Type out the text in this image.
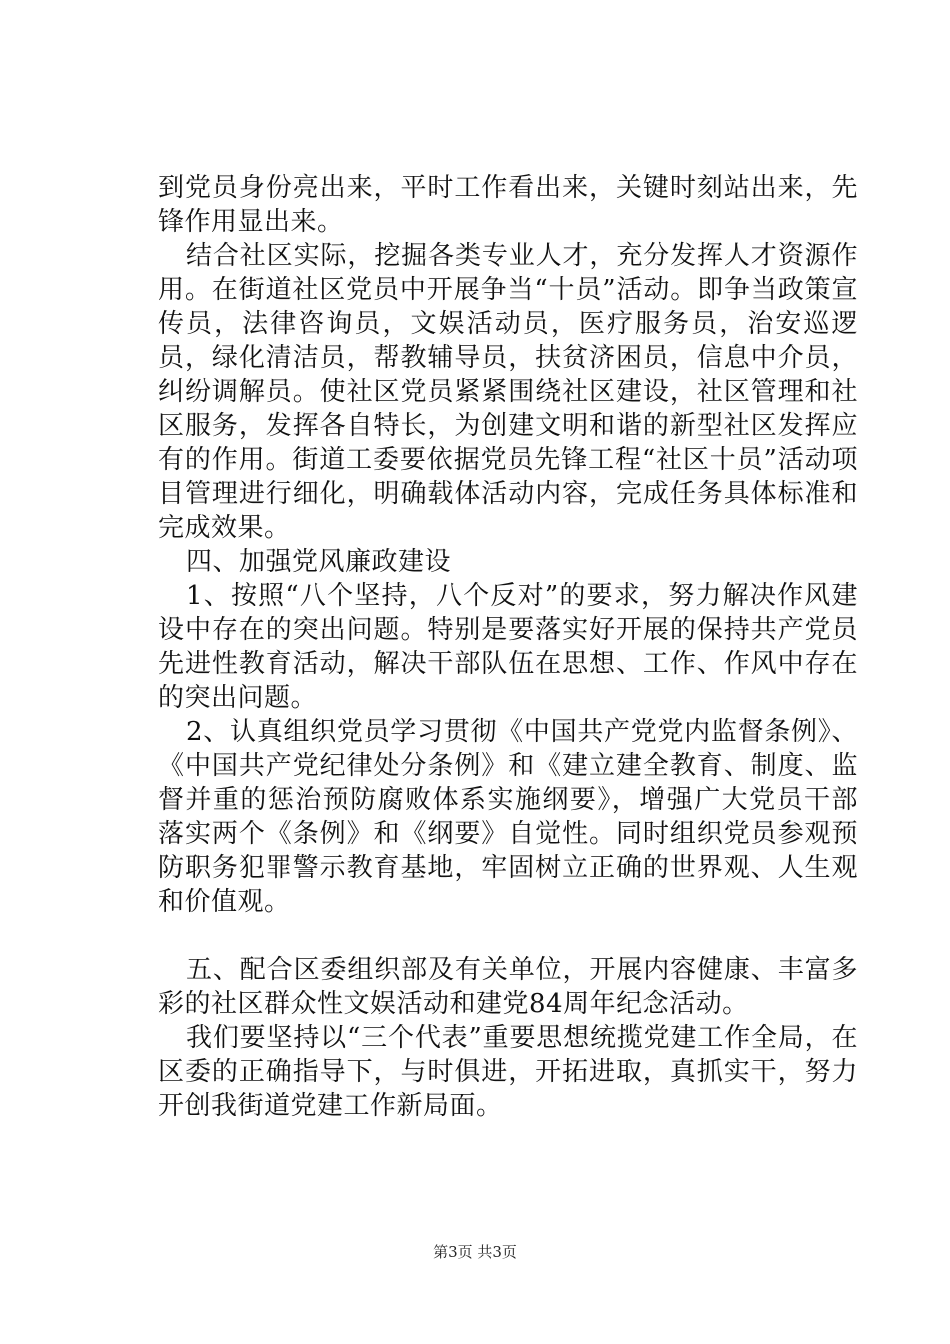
到党员身份亮出来，平时工作看出来，关键时刻站出来，先锋作用显出来。

结合社区实际，挖掘各类专业人才，充分发挥人才资源作用。在街道社区党员中开展争当“十员”活动。即争当政策宣传员，法律咨询员，文娱活动员，医疗服务员，治安巡逻员，绿化清洁员，帮教辅导员，扶贫济困员，信息中介员，纠纷调解员。使社区党员紧紧围绕社区建设，社区管理和社区服务，发挥各自特长，为创建文明和谐的新型社区发挥应有的作用。街道工委要依据党员先锋工程“社区十员”活动项目管理进行细化，明确载体活动内容，完成任务具体标准和完成效果。

四、加强党风廉政建设

1、按照“八个坚持，八个反对”的要求，努力解决作风建设中存在的突出问题。特别是要落实好开展的保持共产党员先进性教育活动，解决干部队伍在思想、工作、作风中存在的突出问题。

2、认真组织党员学习贯彻《中国共产党党内监督条例》、《中国共产党纪律处分条例》和《建立建全教育、制度、监督并重的惩治预防腐败体系实施纲要》，增强广大党员干部落实两个《条例》和《纲要》自觉性。同时组织党员参观预防职务犯罪警示教育基地，牢固树立正确的世界观、人生观和价值观。

五、配合区委组织部及有关单位，开展内容健康、丰富多彩的社区群众性文娱活动和建党84周年纪念活动。

我们要坚持以“三个代表”重要思想统揽党建工作全局，在区委的正确指导下，与时俱进，开拓进取，真抓实干，努力开创我街道党建工作新局面。

第3页 共3页
